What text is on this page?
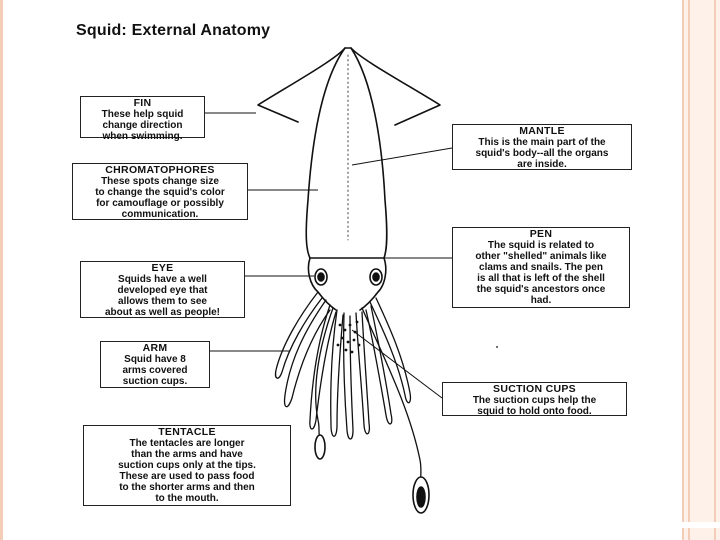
Squid: External Anatomy
FIN
These help squid
change direction
when swimming.	MANTLE
This is the main part of the
squid's body--all the organs
are inside.
CHROMATOPHORES
These spots change size
to change the squid's color
for camouflage or possibly
communication.
PEN
The squid is related to
other "shelled" animals like
clams and snails. The pen
is all that is left of the shell
the squid's ancestors once
had.
EYE
Squids have a well
developed eye that
allows them to see
about as well as people!
ARM
Squid have 8
arms covered
suction cups.
SUCTION CUPS
The suction cups help the
squid to hold onto food.
TENTACLE
The tentacles are longer
than the arms and have
suction cups only at the tips.
These are used to pass food
to the shorter arms and then
to the mouth.
